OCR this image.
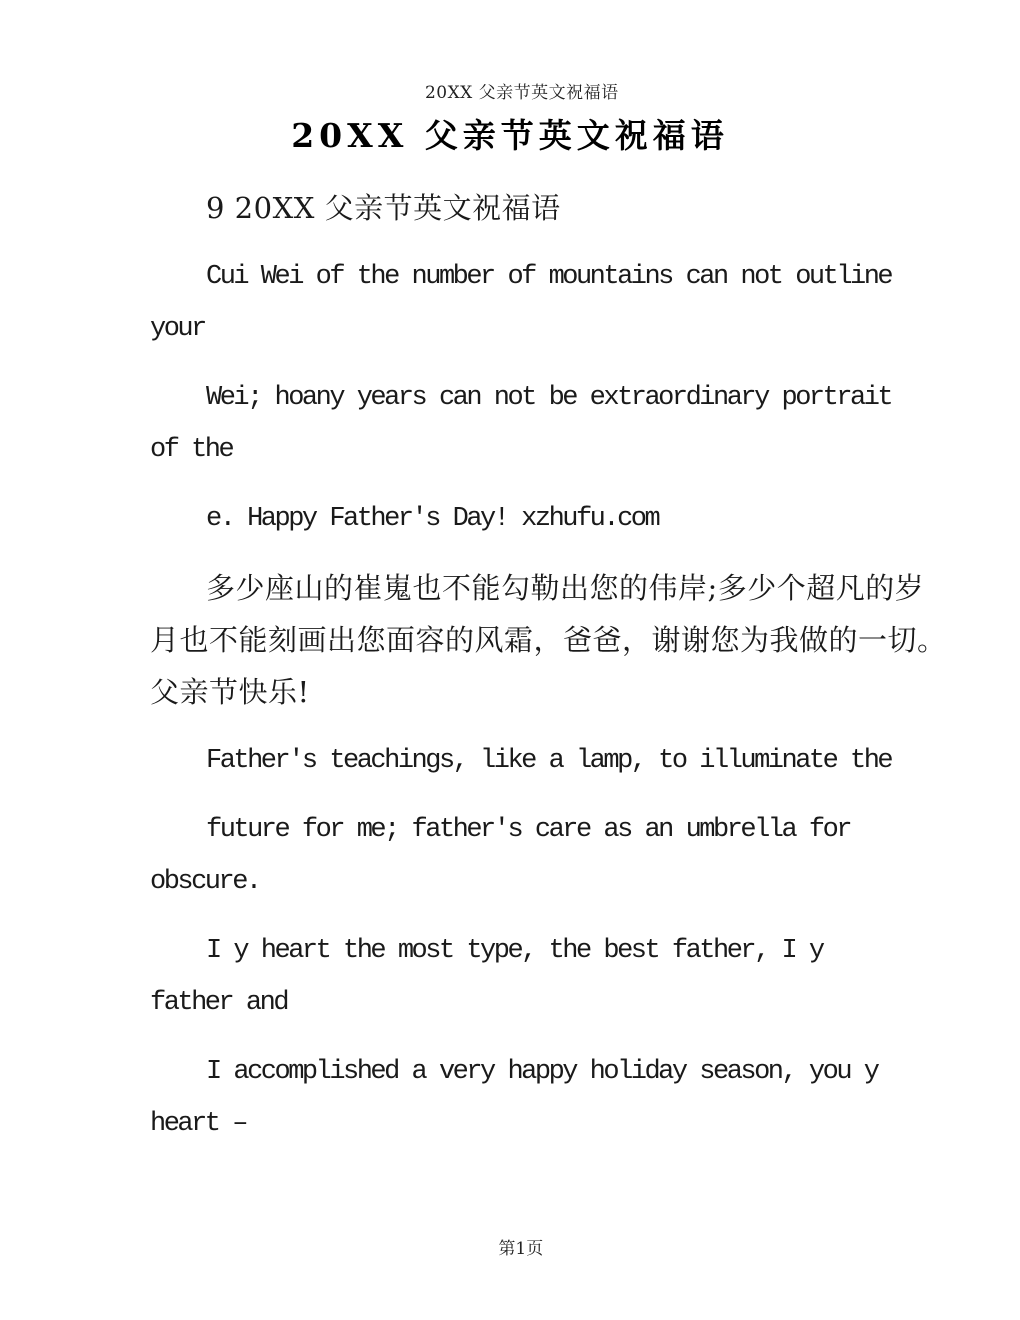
20XX 父亲节英文祝福语

20XX 父亲节英文祝福语
9 20XX 父亲节英文祝福语
Cui Wei of the number of mountains can not outline
your
Wei; hoany years can not be extraordinary portrait
of the
e. Happy Father's Day! xzhufu.com
多少座山的崔嵬也不能勾勒出您的伟岸;多少个超凡的岁
月也不能刻画出您面容的风霜，爸爸，谢谢您为我做的一切。
父亲节快乐!
Father's teachings, like a lamp, to illuminate the
future for me; father's care as an umbrella for
obscure.
I y heart the most type, the best father, I y
father and
I accomplished a very happy holiday season, you y
heart –

第1页
